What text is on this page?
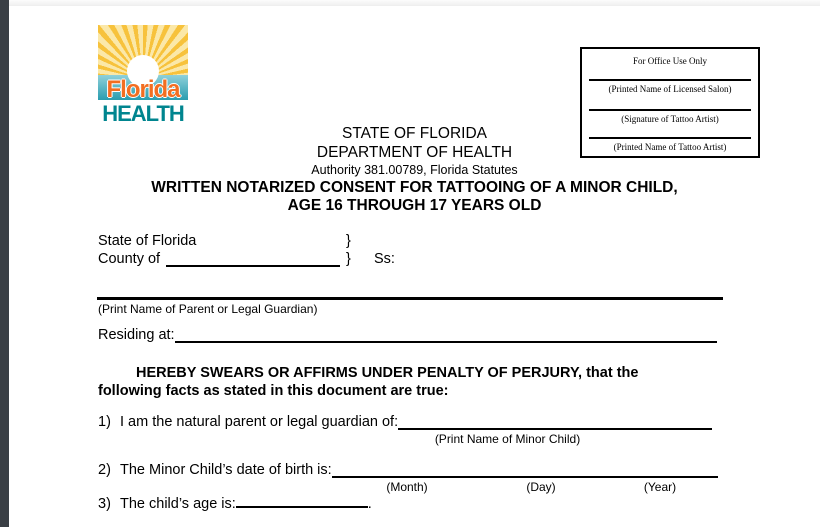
Florida
HEALTH
For Office Use Only
(Printed Name of Licensed Salon)
(Signature of Tattoo Artist)
(Printed Name of Tattoo Artist)
STATE OF FLORIDA
DEPARTMENT OF HEALTH
Authority 381.00789, Florida Statutes
WRITTEN NOTARIZED CONSENT FOR TATTOOING OF A MINOR CHILD,
AGE 16 THROUGH 17 YEARS OLD
State of Florida	}
County of	} Ss:
(Print Name of Parent or Legal Guardian)
Residing at:
HEREBY SWEARS OR AFFIRMS UNDER PENALTY OF PERJURY, that the
following facts as stated in this document are true:
1) I am the natural parent or legal guardian of:
(Print Name of Minor Child)
2) The Minor Child’s date of birth is:
(Month)	(Day)	(Year)
3) The child’s age is:	.
